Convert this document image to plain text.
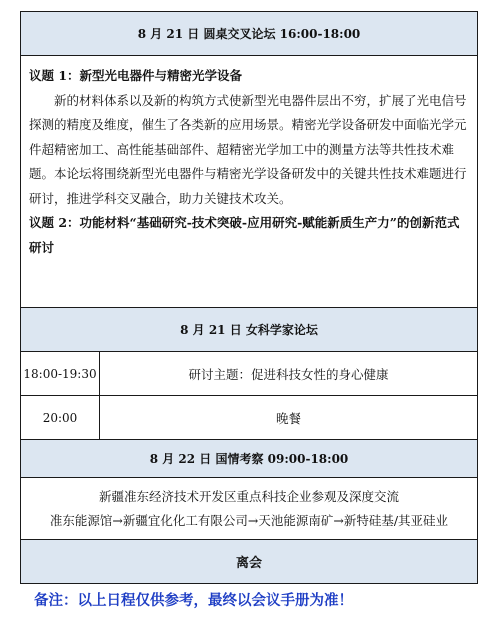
8 月 21 日 圆桌交叉论坛 16:00-18:00
议题 1：新型光电器件与精密光学设备

新的材料体系以及新的构筑方式使新型光电器件层出不穷，扩展了光电信号探测的精度及维度，催生了各类新的应用场景。精密光学设备研发中面临光学元件超精密加工、高性能基础部件、超精密光学加工中的测量方法等共性技术难题。本论坛将围绕新型光电器件与精密光学设备研发中的关键共性技术难题进行研讨，推进学科交叉融合，助力关键技术攻关。

议题 2：功能材料“基础研究-技术突破-应用研究-赋能新质生产力”的创新范式研讨
8 月 21 日 女科学家论坛
18:00-19:30	研讨主题：促进科技女性的身心健康
20:00	晚餐
8 月 22 日 国情考察 09:00-18:00
新疆准东经济技术开发区重点科技企业参观及深度交流
准东能源馆→新疆宜化化工有限公司→天池能源南矿→新特硅基/其亚硅业
离会
备注：以上日程仅供参考，最终以会议手册为准！
